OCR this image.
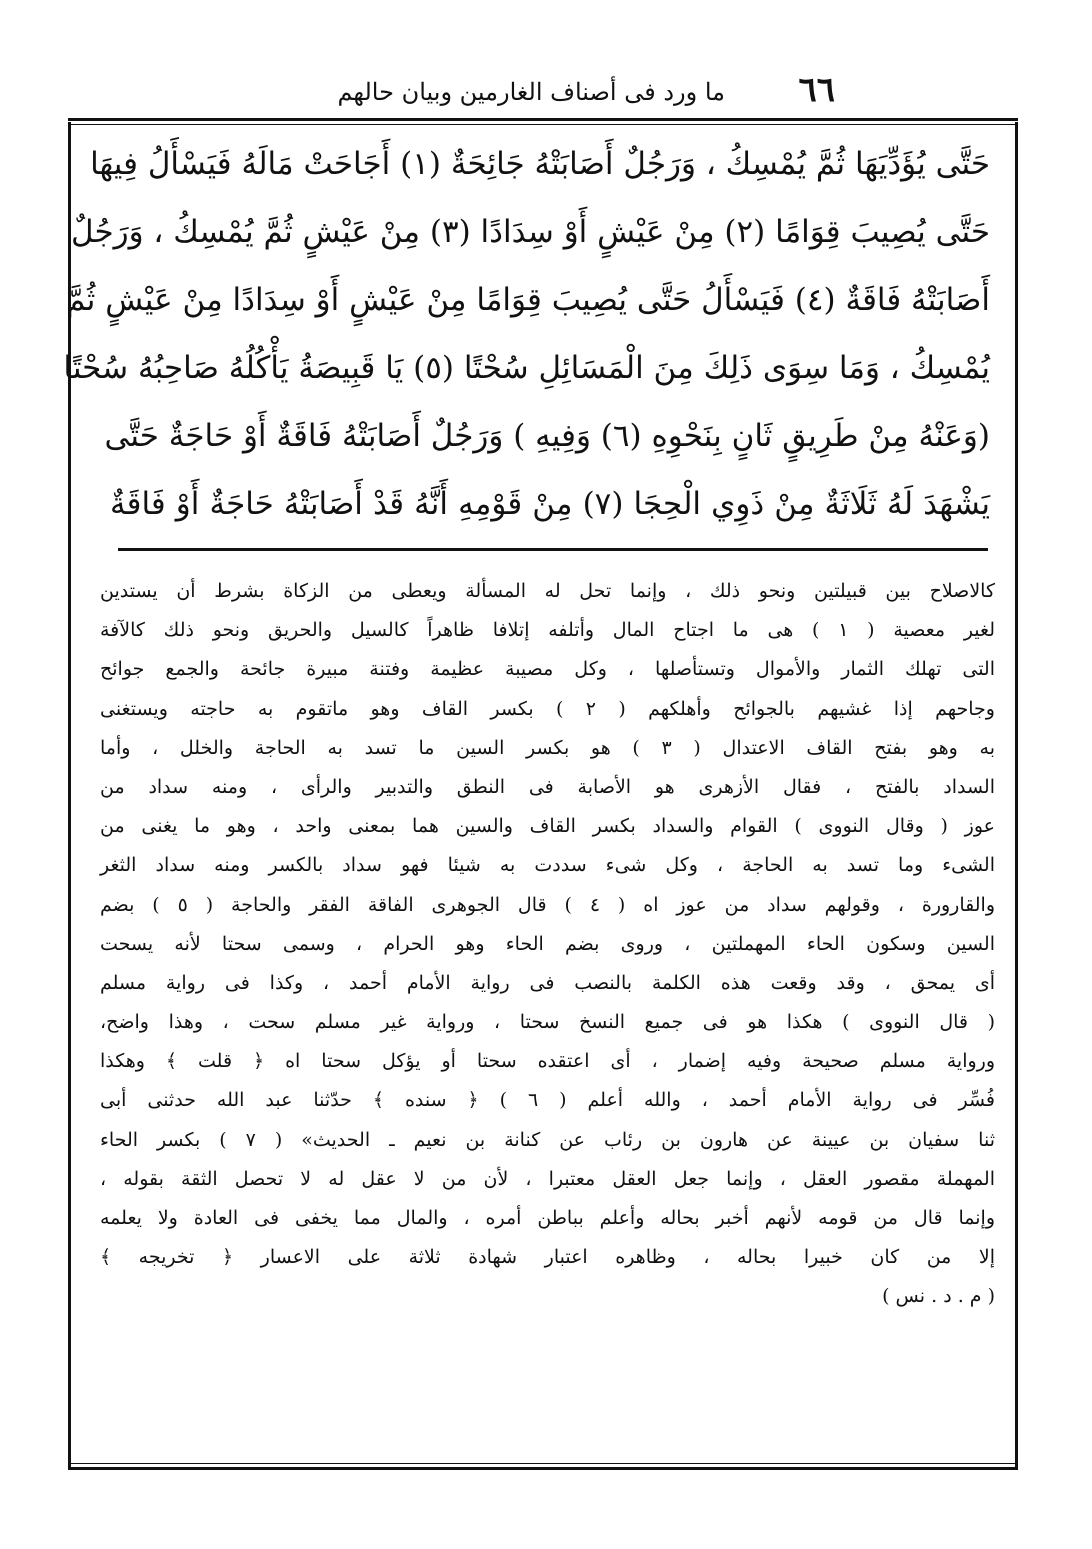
٦٦
ما ورد فى أصناف الغارمين وبيان حالهم
حَتَّى يُؤَدِّيَهَا ثُمَّ يُمْسِكُ ، وَرَجُلٌ أَصَابَتْهُ جَائِحَةٌ (١) أَجَاحَتْ مَالَهُ فَيَسْأَلُ فِيهَا
حَتَّى يُصِيبَ قِوَامًا (٢) مِنْ عَيْشٍ أَوْ سِدَادًا (٣) مِنْ عَيْشٍ ثُمَّ يُمْسِكُ ، وَرَجُلٌ
أَصَابَتْهُ فَاقَةٌ (٤) فَيَسْأَلُ حَتَّى يُصِيبَ قِوَامًا مِنْ عَيْشٍ أَوْ سِدَادًا مِنْ عَيْشٍ ثُمَّ
يُمْسِكُ ، وَمَا سِوَى ذَلِكَ مِنَ الْمَسَائِلِ سُحْتًا (٥) يَا قَبِيصَةُ يَأْكُلُهُ صَاحِبُهُ سُحْتًا
(وَعَنْهُ مِنْ طَرِيقٍ ثَانٍ بِنَحْوِهِ (٦) وَفِيهِ ) وَرَجُلٌ أَصَابَتْهُ فَاقَةٌ أَوْ حَاجَةٌ حَتَّى
يَشْهَدَ لَهُ ثَلَاثَةٌ مِنْ ذَوِي الْحِجَا (٧) مِنْ قَوْمِهِ أَنَّهُ قَدْ أَصَابَتْهُ حَاجَةٌ أَوْ فَاقَةٌ
كالاصلاح بين قبيلتين ونحو ذلك ، وإنما تحل له المسألة ويعطى من الزكاة بشرط أن يستدين
لغير معصية ( ١ ) هى ما اجتاح المال وأتلفه إتلافا ظاهراً كالسيل والحريق ونحو ذلك كالآفة
التى تهلك الثمار والأموال وتستأصلها ، وكل مصيبة عظيمة وفتنة مبيرة جائحة والجمع جوائح
وجاحهم إذا غشيهم بالجوائح وأهلكهم ( ٢ ) بكسر القاف وهو ماتقوم به حاجته ويستغنى
به وهو بفتح القاف الاعتدال ( ٣ ) هو بكسر السين ما تسد به الحاجة والخلل ، وأما
السداد بالفتح ، فقال الأزهرى هو الأصابة فى النطق والتدبير والرأى ، ومنه سداد من
عوز ( وقال النووى ) القوام والسداد بكسر القاف والسين هما بمعنى واحد ، وهو ما يغنى من
الشىء وما تسد به الحاجة ، وكل شىء سددت به شيئا فهو سداد بالكسر ومنه سداد الثغر
والقارورة ، وقولهم سداد من عوز اه ( ٤ ) قال الجوهرى الفاقة الفقر والحاجة ( ٥ ) بضم
السين وسكون الحاء المهملتين ، وروى بضم الحاء وهو الحرام ، وسمى سحتا لأنه يسحت
أى يمحق ، وقد وقعت هذه الكلمة بالنصب فى رواية الأمام أحمد ، وكذا فى رواية مسلم
( قال النووى ) هكذا هو فى جميع النسخ سحتا ، ورواية غير مسلم سحت ، وهذا واضح،
ورواية مسلم صحيحة وفيه إضمار ، أى اعتقده سحتا أو يؤكل سحتا اه ﴿ قلت ﴾ وهكذا
فُسِّر فى رواية الأمام أحمد ، والله أعلم ( ٦ ) ﴿ سنده ﴾ حدّثنا عبد الله حدثنى أبى
ثنا سفيان بن عيينة عن هارون بن رئاب عن كنانة بن نعيم ـ الحديث» ( ٧ ) بكسر الحاء
المهملة مقصور العقل ، وإنما جعل العقل معتبرا ، لأن من لا عقل له لا تحصل الثقة بقوله ،
وإنما قال من قومه لأنهم أخبر بحاله وأعلم بباطن أمره ، والمال مما يخفى فى العادة ولا يعلمه
إلا من كان خبيرا بحاله ، وظاهره اعتبار شهادة ثلاثة على الاعسار ﴿ تخريجه ﴾
( م . د . نس )
